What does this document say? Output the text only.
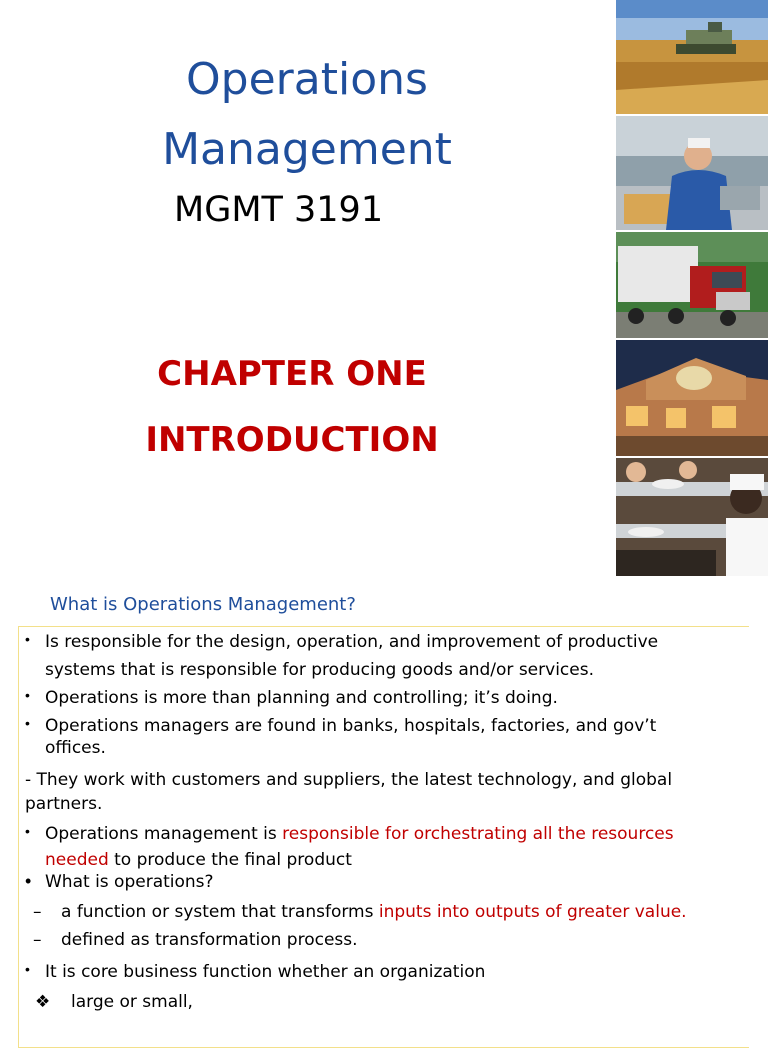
Operations
Management
MGMT 3191
CHAPTER ONE
INTRODUCTION
What is Operations Management?
• Is responsible for the design, operation, and improvement of productive
systems that is responsible for producing goods and/or services.
• Operations is more than planning and controlling; it’s doing.
• Operations managers are found in banks, hospitals, factories, and gov’t
offices.
- They work with customers and suppliers, the latest technology, and global
partners.
• Operations management is responsible for orchestrating all the resources
needed to produce the final product
• What is operations?
– a function or system that transforms inputs into outputs of greater value.
– defined as transformation process.
• It is core business function whether an organization
❖ large or small,
